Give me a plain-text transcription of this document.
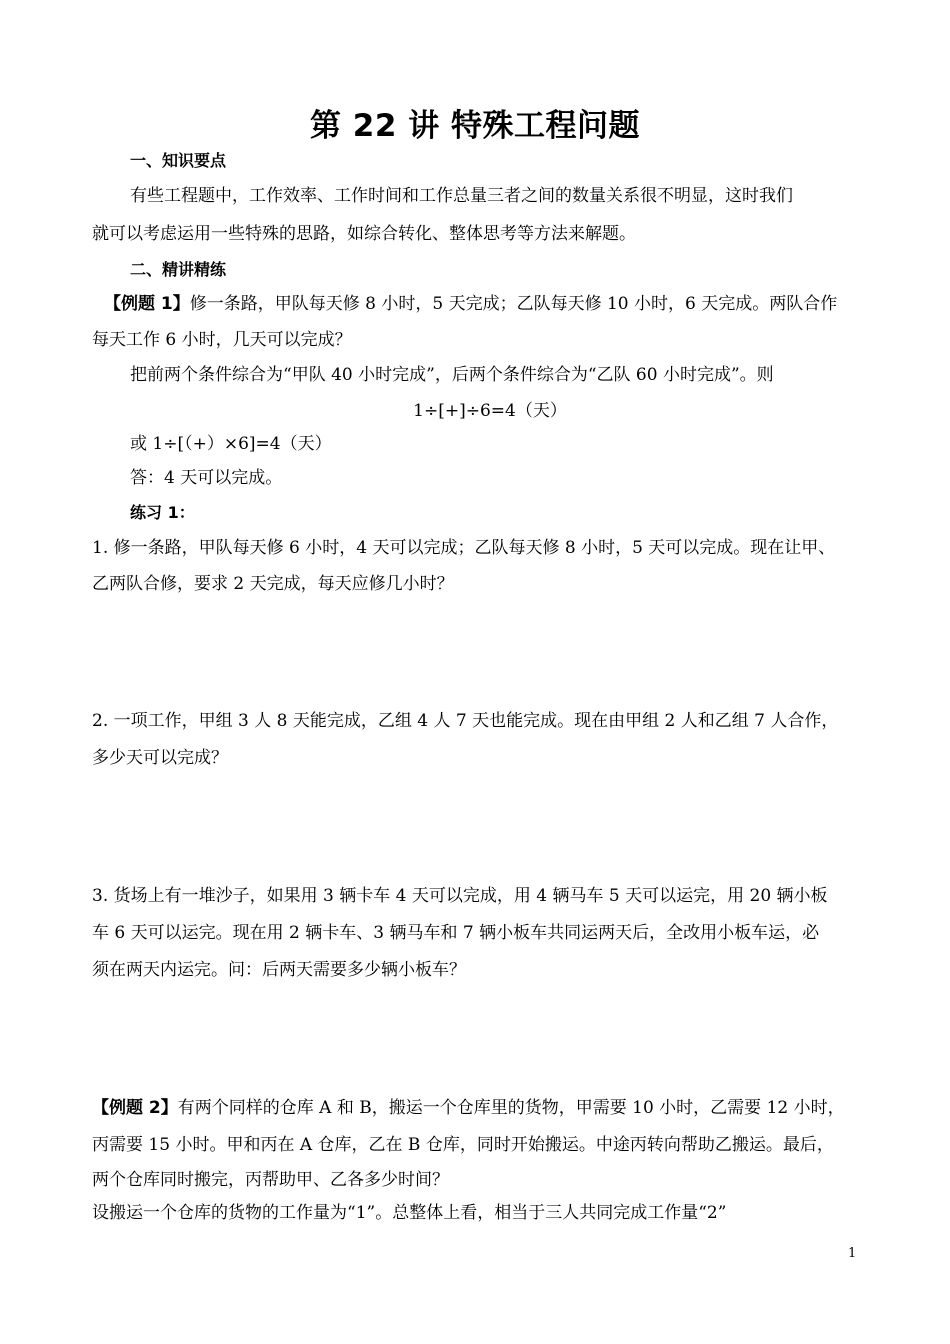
第 22 讲 特殊工程问题
一、知识要点
有些工程题中，工作效率、工作时间和工作总量三者之间的数量关系很不明显，这时我们
就可以考虑运用一些特殊的思路，如综合转化、整体思考等方法来解题。
二、精讲精练
【例题 1】修一条路，甲队每天修 8 小时，5 天完成；乙队每天修 10 小时，6 天完成。两队合作
每天工作 6 小时，几天可以完成？
把前两个条件综合为“甲队 40 小时完成”，后两个条件综合为“乙队 60 小时完成”。则
1÷[+]÷6=4（天）
或 1÷[（+）×6]=4（天）
答：4 天可以完成。
练习 1：
1. 修一条路，甲队每天修 6 小时，4 天可以完成；乙队每天修 8 小时，5 天可以完成。现在让甲、
乙两队合修，要求 2 天完成，每天应修几小时？
2. 一项工作，甲组 3 人 8 天能完成，乙组 4 人 7 天也能完成。现在由甲组 2 人和乙组 7 人合作，
多少天可以完成？
3. 货场上有一堆沙子，如果用 3 辆卡车 4 天可以完成，用 4 辆马车 5 天可以运完，用 20 辆小板
车 6 天可以运完。现在用 2 辆卡车、3 辆马车和 7 辆小板车共同运两天后，全改用小板车运，必
须在两天内运完。问：后两天需要多少辆小板车？
【例题 2】有两个同样的仓库 A 和 B，搬运一个仓库里的货物，甲需要 10 小时，乙需要 12 小时，
丙需要 15 小时。甲和丙在 A 仓库，乙在 B 仓库，同时开始搬运。中途丙转向帮助乙搬运。最后，
两个仓库同时搬完，丙帮助甲、乙各多少时间？
设搬运一个仓库的货物的工作量为“1”。总整体上看，相当于三人共同完成工作量“2”
1
